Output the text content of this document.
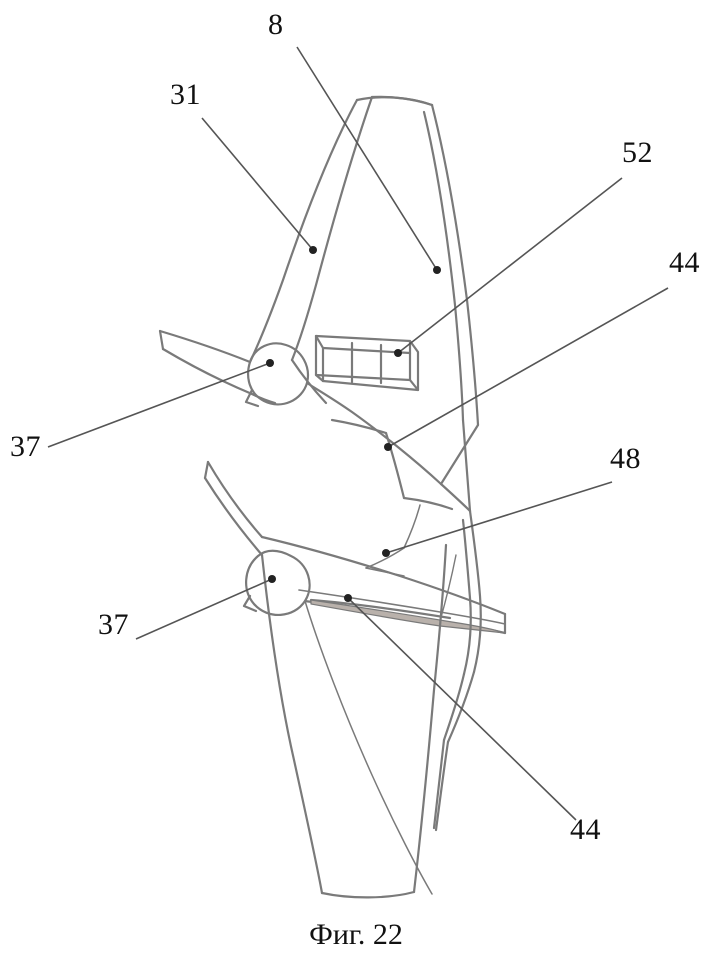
8
31
52
44
37	48
37
44
Фиг. 22
